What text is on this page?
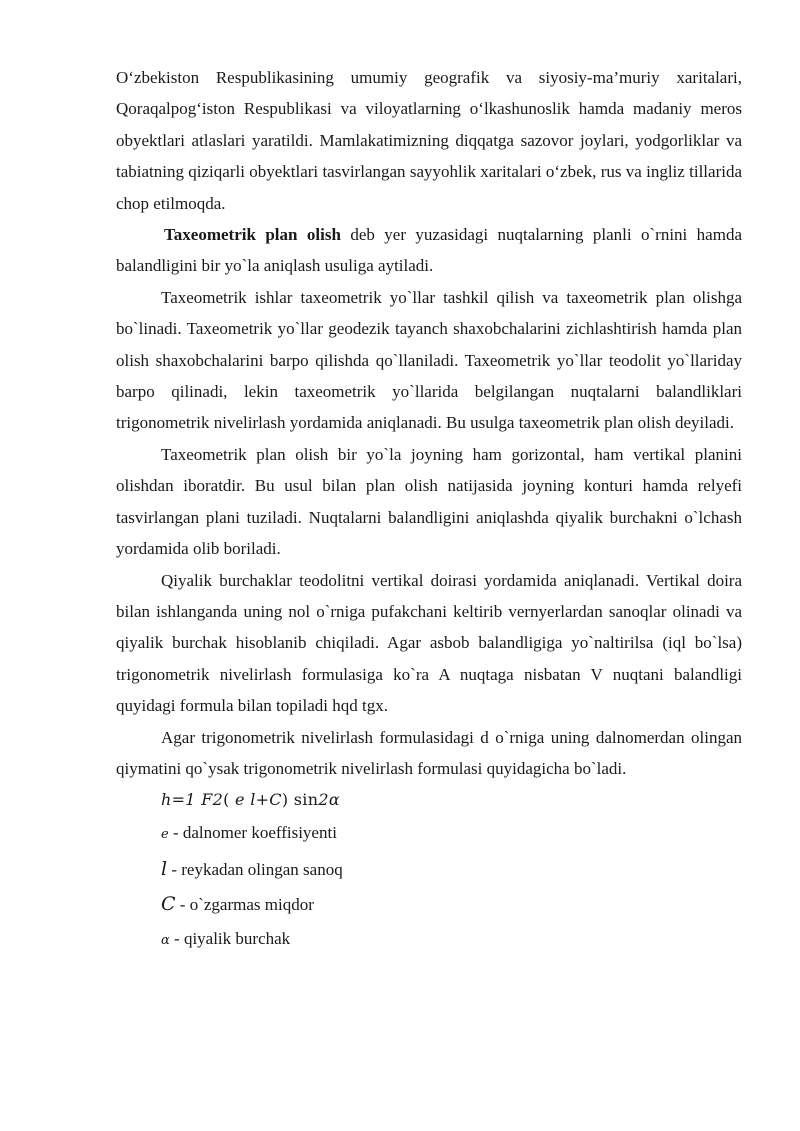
O‘zbekiston Respublikasining umumiy geografik va siyosiy-ma’muriy xaritalari, Qoraqalpog‘iston Respublikasi va viloyatlarning o‘lkashunoslik hamda madaniy meros obyektlari atlaslari yaratildi. Mamlakatimizning diqqatga sazovor joylari, yodgorliklar va tabiatning qiziqarli obyektlari tasvirlangan sayyohlik xaritalari o‘zbek, rus va ingliz tillarida chop etilmoqda.

Taxeometrik plan olish deb yer yuzasidagi nuqtalarning planli o`rnini hamda balandligini bir yo`la aniqlash usuliga aytiladi.

Taxeometrik ishlar taxeometrik yo`llar tashkil qilish va taxeometrik plan olishga bo`linadi. Taxeometrik yo`llar geodezik tayanch shaxobchalarini zichlashtirish hamda plan olish shaxobchalarini barpo qilishda qo`llaniladi. Taxeometrik yo`llar teodolit yo`llariday barpo qilinadi, lekin taxeometrik yo`llarida belgilangan nuqtalarni balandliklari trigonometrik nivelirlash yordamida aniqlanadi. Bu usulga taxeometrik plan olish deyiladi.

Taxeometrik plan olish bir yo`la joyning ham gorizontal, ham vertikal planini olishdan iboratdir. Bu usul bilan plan olish natijasida joyning konturi hamda relyefi tasvirlangan plani tuziladi. Nuqtalarni balandligini aniqlashda qiyalik burchakni o`lchash yordamida olib boriladi.

Qiyalik burchaklar teodolitni vertikal doirasi yordamida aniqlanadi. Vertikal doira bilan ishlanganda uning nol o`rniga pufakchani keltirib vernyerlardan sanoqlar olinadi va qiyalik burchak hisoblanib chiqiladi. Agar asbob balandligiga yo`naltirilsa (iql bo`lsa) trigonometrik nivelirlash formulasiga ko`ra A nuqtaga nisbatan V nuqtani balandligi quyidagi formula bilan topiladi hqd tgx.

Agar trigonometrik nivelirlash formulasidagi d o`rniga uning dalnomerdan olingan qiymatini qo`ysak trigonometrik nivelirlash formulasi quyidagicha bo`ladi.

h=1 F2( e l+C) sin2α
e - dalnomer koeffisiyenti
l - reykadan olingan sanoq
C - o`zgarmas miqdor
α - qiyalik burchak
